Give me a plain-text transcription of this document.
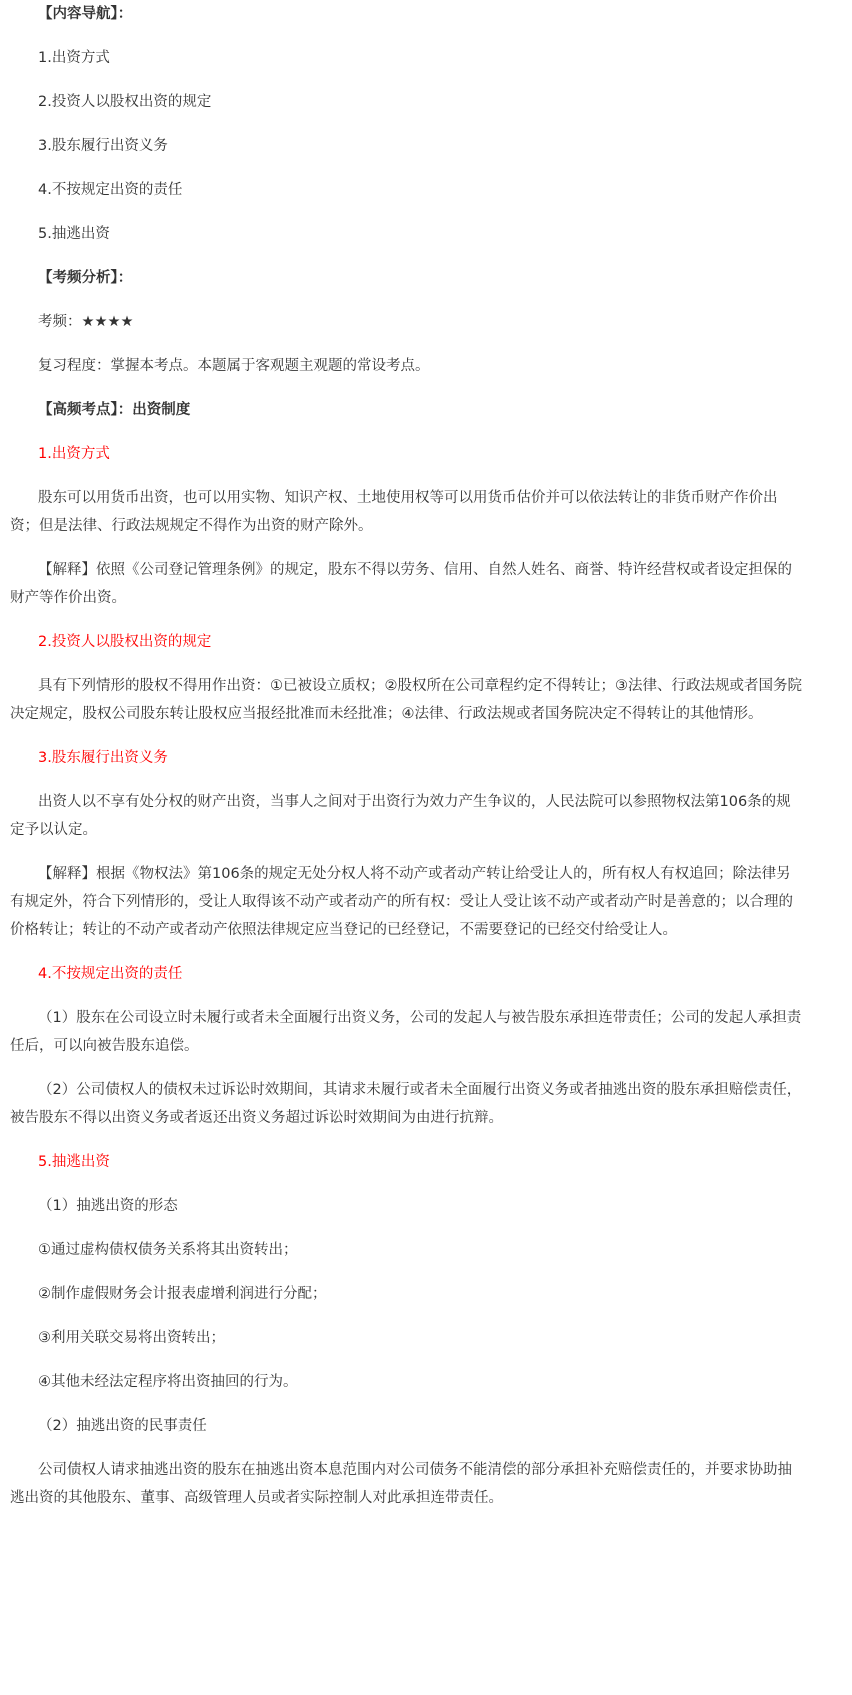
【内容导航】：

1.出资方式

2.投资人以股权出资的规定

3.股东履行出资义务

4.不按规定出资的责任

5.抽逃出资

【考频分析】：

考频：★★★★

复习程度：掌握本考点。本题属于客观题主观题的常设考点。

【高频考点】：出资制度

1.出资方式

股东可以用货币出资，也可以用实物、知识产权、土地使用权等可以用货币估价并可以依法转让的非货币财产作价出资；但是法律、行政法规规定不得作为出资的财产除外。

【解释】依照《公司登记管理条例》的规定，股东不得以劳务、信用、自然人姓名、商誉、特许经营权或者设定担保的财产等作价出资。

2.投资人以股权出资的规定

具有下列情形的股权不得用作出资：①已被设立质权；②股权所在公司章程约定不得转让；③法律、行政法规或者国务院决定规定，股权公司股东转让股权应当报经批准而未经批准；④法律、行政法规或者国务院决定不得转让的其他情形。

3.股东履行出资义务

出资人以不享有处分权的财产出资，当事人之间对于出资行为效力产生争议的，人民法院可以参照物权法第106条的规定予以认定。

【解释】根据《物权法》第106条的规定无处分权人将不动产或者动产转让给受让人的，所有权人有权追回；除法律另有规定外，符合下列情形的，受让人取得该不动产或者动产的所有权：受让人受让该不动产或者动产时是善意的；以合理的价格转让；转让的不动产或者动产依照法律规定应当登记的已经登记，不需要登记的已经交付给受让人。

4.不按规定出资的责任

（1）股东在公司设立时未履行或者未全面履行出资义务，公司的发起人与被告股东承担连带责任；公司的发起人承担责任后，可以向被告股东追偿。

（2）公司债权人的债权未过诉讼时效期间，其请求未履行或者未全面履行出资义务或者抽逃出资的股东承担赔偿责任，被告股东不得以出资义务或者返还出资义务超过诉讼时效期间为由进行抗辩。

5.抽逃出资

（1）抽逃出资的形态

①通过虚构债权债务关系将其出资转出；

②制作虚假财务会计报表虚增利润进行分配；

③利用关联交易将出资转出；

④其他未经法定程序将出资抽回的行为。

（2）抽逃出资的民事责任

公司债权人请求抽逃出资的股东在抽逃出资本息范围内对公司债务不能清偿的部分承担补充赔偿责任的，并要求协助抽逃出资的其他股东、董事、高级管理人员或者实际控制人对此承担连带责任。
